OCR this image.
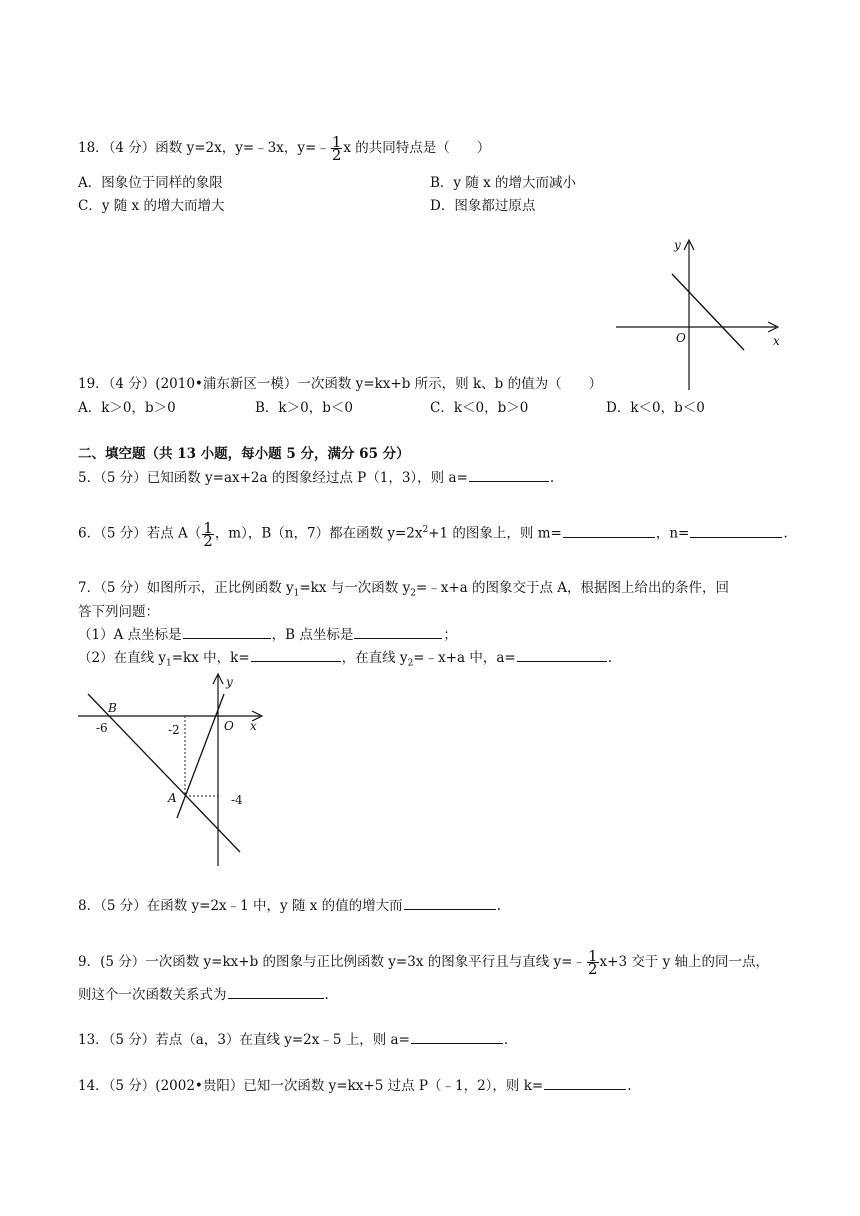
18．（4 分）函数 y=2x，y=﹣3x，y=﹣ $\frac{1}{2}$ x 的共同特点是（　　）
A．图象位于同样的象限	B．y 随 x 的增大而减小
C．y 随 x 的增大而增大	D．图象都过原点
y
x
O
19．（4 分）(2010•浦东新区一模）一次函数 y=kx+b 所示，则 k、b 的值为（　　）
A．k＞0，b＞0	B．k＞0，b＜0	C．k＜0，b＞0	D．k＜0，b＜0
二、填空题（共 13 小题，每小题 5 分，满分 65 分）
5．（5 分）已知函数 y=ax+2a 的图象经过点 P（1，3），则 a=	.
6．（5 分）若点 $A( \frac{1}{2}$ ，m），B（n，7）都在函数 $y=2x^2+1$ 的图象上，则 m=	，n=	.
7．（5 分）如图所示，正比例函数 $y_1=kx$ 与一次函数 $y_2=﹣x+a$ 的图象交于点 A，根据图上给出的条件，回
答下列问题：
（1）A 点坐标是	，B 点坐标是	；
（2）在直线 $y_1=kx$ 中，k=	，在直线 $y_2=﹣x+a$ 中，a=	.
y
x
O
B
A
-6	-2
-4
8．（5 分）在函数 y=2x﹣1 中，y 随 x 的值的增大而	.
9．(5 分）一次函数 y=kx+b 的图象与正比例函数 y=3x 的图象平行且与直线 y=﹣ $\frac{1}{2} x+3$ 交于 y 轴上的同一点，
则这个一次函数关系式为	.
13．（5 分）若点（a，3）在直线 y=2x﹣5 上，则 a=	.
14．（5 分）(2002•贵阳）已知一次函数 y=kx+5 过点 P（﹣1，2），则 k=	.
